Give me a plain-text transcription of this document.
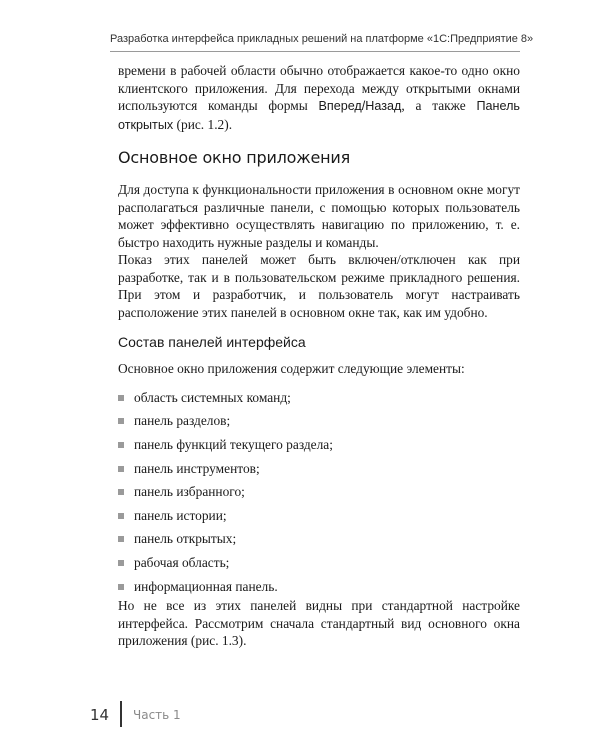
Разработка интерфейса прикладных решений на платформе «1С:Предприятие 8»

времени в рабочей области обычно отображается какое-то одно окно клиентского приложения. Для перехода между открытыми окнами используются команды формы Вперед/Назад, а также Панель открытых (рис. 1.2).

Основное окно приложения

Для доступа к функциональности приложения в основном окне могут располагаться различные панели, с помощью которых пользователь может эффективно осуществлять навигацию по приложению, т. е. быстро находить нужные разделы и команды.

Показ этих панелей может быть включен/отключен как при разработке, так и в пользовательском режиме прикладного решения. При этом и разработчик, и пользователь могут настраивать расположение этих панелей в основном окне так, как им удобно.

Состав панелей интерфейса

Основное окно приложения содержит следующие элементы:

область системных команд;
панель разделов;
панель функций текущего раздела;
панель инструментов;
панель избранного;
панель истории;
панель открытых;
рабочая область;
информационная панель.

Но не все из этих панелей видны при стандартной настройке интерфейса. Рассмотрим сначала стандартный вид основного окна приложения (рис. 1.3).

14 Часть 1
